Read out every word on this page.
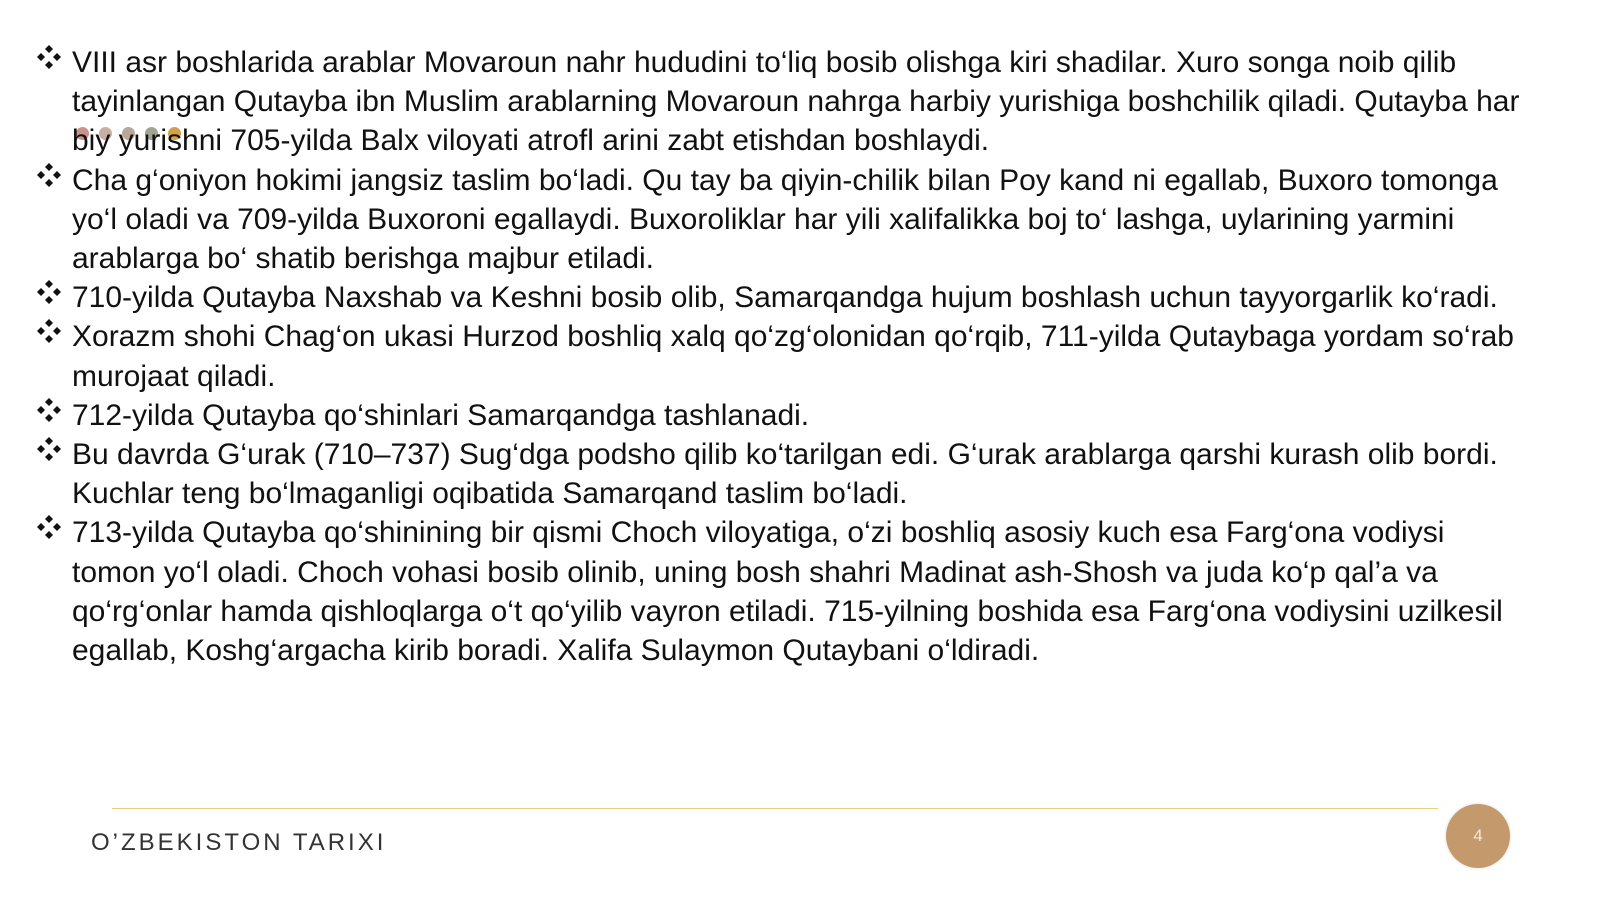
VIII asr boshlarida arablar Movaroun nahr hududini to‘liq bosib olishga kiri shadilar. Xuro songa noib qilib tayinlangan Qutayba ibn Muslim arablarning Movaroun nahrga harbiy yurishiga boshchilik qiladi. Qutayba har biy yurishni 705-yilda Balx viloyati atrofl arini zabt etishdan boshlaydi.
Cha g‘oniyon hokimi jangsiz taslim bo‘ladi. Qu tay ba qiyin-chilik bilan Poy kand ni egallab, Buxoro tomonga yo‘l oladi va 709-yilda Buxoroni egallaydi. Buxoroliklar har yili xalifalikka boj to‘ lashga, uylarining yarmini arablarga bo‘ shatib berishga majbur etiladi.
710-yilda Qutayba Naxshab va Keshni bosib olib, Samarqandga hujum boshlash uchun tayyorgarlik ko‘radi.
Xorazm shohi Chag‘on ukasi Hurzod boshliq xalq qo‘zg‘olonidan qo‘rqib, 711-yilda Qutaybaga yordam so‘rab murojaat qiladi.
712-yilda Qutayba qo‘shinlari Samarqandga tashlanadi.
Bu davrda G‘urak (710–737) Sug‘dga podsho qilib ko‘tarilgan edi. G‘urak arablarga qarshi kurash olib bordi. Kuchlar teng bo‘lmaganligi oqibatida Samarqand taslim bo‘ladi.
713-yilda Qutayba qo‘shinining bir qismi Choch viloyatiga, o‘zi boshliq asosiy kuch esa Farg‘ona vodiysi tomon yo‘l oladi. Choch vohasi bosib olinib, uning bosh shahri Madinat ash-Shosh va juda ko‘p qal’a va qo‘rg‘onlar hamda qishloqlarga o‘t qo‘yilib vayron etiladi. 715-yilning boshida esa Farg‘ona vodiysini uzilkesil egallab, Koshg‘argacha kirib boradi. Xalifa Sulaymon Qutaybani o‘ldiradi.
O’ZBEKISTON TARIXI	4
